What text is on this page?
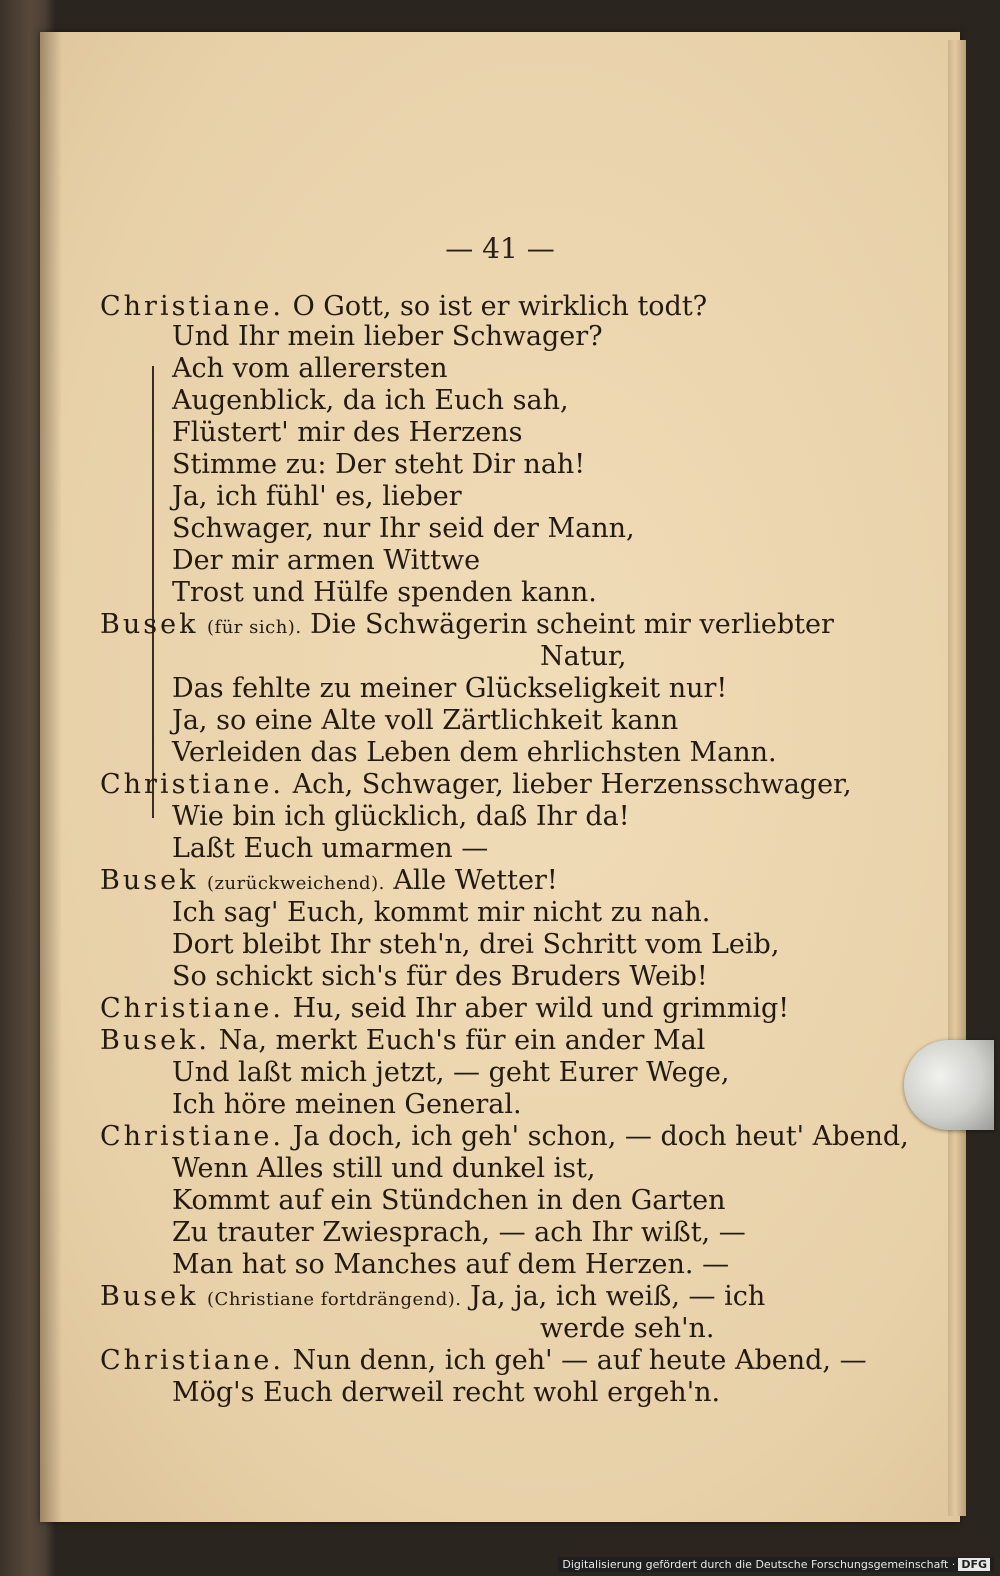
— 41 —
Christiane. O Gott, so ist er wirklich todt?
Und Ihr mein lieber Schwager?
Ach vom allerersten
Augenblick, da ich Euch sah,
Flüstert' mir des Herzens
Stimme zu: Der steht Dir nah!
Ja, ich fühl' es, lieber
Schwager, nur Ihr seid der Mann,
Der mir armen Wittwe
Trost und Hülfe spenden kann.
Busek (für sich). Die Schwägerin scheint mir verliebter
Natur,
Das fehlte zu meiner Glückseligkeit nur!
Ja, so eine Alte voll Zärtlichkeit kann
Verleiden das Leben dem ehrlichsten Mann.
Christiane. Ach, Schwager, lieber Herzensschwager,
Wie bin ich glücklich, daß Ihr da!
Laßt Euch umarmen —
Busek (zurückweichend). Alle Wetter!
Ich sag' Euch, kommt mir nicht zu nah.
Dort bleibt Ihr steh'n, drei Schritt vom Leib,
So schickt sich's für des Bruders Weib!
Christiane. Hu, seid Ihr aber wild und grimmig!
Busek. Na, merkt Euch's für ein ander Mal
Und laßt mich jetzt, — geht Eurer Wege,
Ich höre meinen General.
Christiane. Ja doch, ich geh' schon, — doch heut' Abend,
Wenn Alles still und dunkel ist,
Kommt auf ein Stündchen in den Garten
Zu trauter Zwiesprach, — ach Ihr wißt, —
Man hat so Manches auf dem Herzen. —
Busek (Christiane fortdrängend). Ja, ja, ich weiß, — ich
werde seh'n.
Christiane. Nun denn, ich geh' — auf heute Abend, —
Mög's Euch derweil recht wohl ergeh'n.
Digitalisierung gefördert durch die Deutsche Forschungsgemeinschaft · DFG
